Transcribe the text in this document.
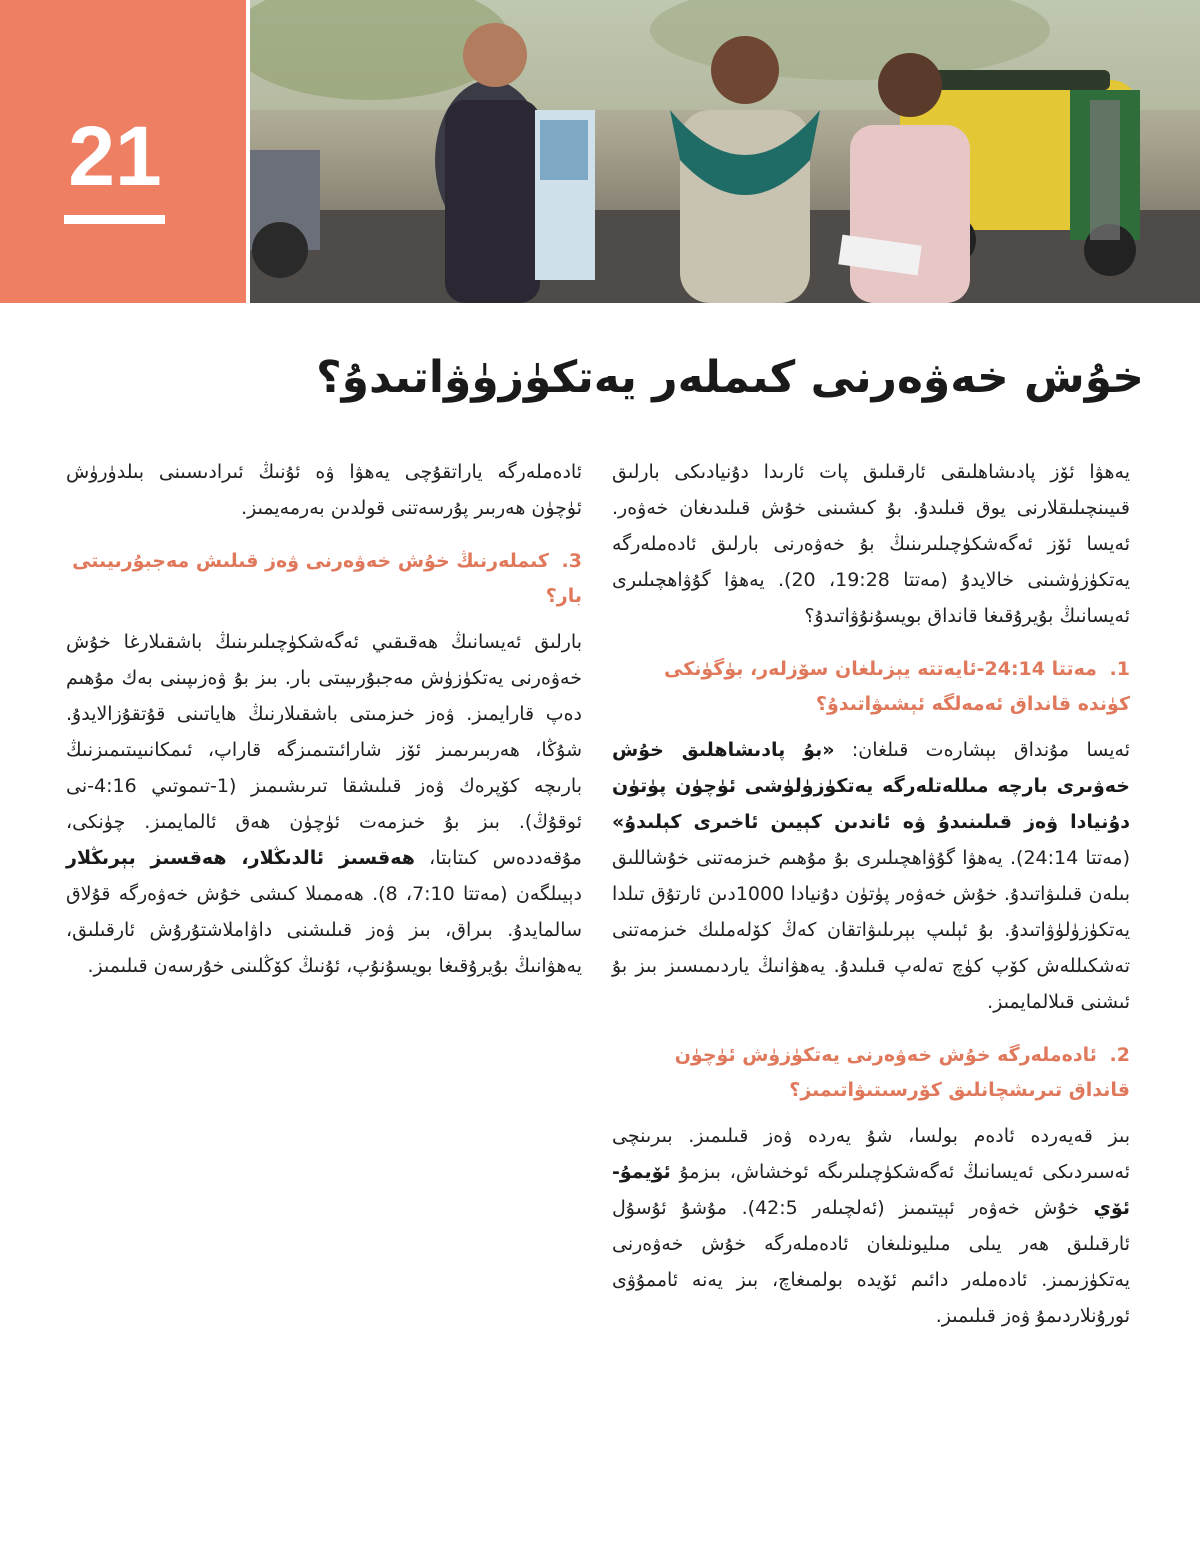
21
خۇش خەۋەرنى كىملەر يەتكۈزۈۋاتىدۇ؟

يەھۋا ئۆز پادىشاھلىقى ئارقىلىق پات ئارىدا دۇنيادىكى بارلىق قىيىنچىلىقلارنى يوق قىلىدۇ. بۇ كىشىنى خۇش قىلىدىغان خەۋەر. ئەيسا ئۆز ئەگەشكۈچىلىرىنىڭ بۇ خەۋەرنى بارلىق ئادەملەرگە يەتكۈزۈشىنى خالايدۇ (مەتتا 19:28، 20). يەھۋا گۇۋاھچىلىرى ئەيسانىڭ بۇيرۇقىغا قانداق بويسۇنۇۋاتىدۇ؟

1. مەتتا 24:14-ئايەتتە يېزىلغان سۆزلەر، بۈگۈنكى كۈندە قانداق ئەمەلگە ئېشىۋاتىدۇ؟

ئەيسا مۇنداق بېشارەت قىلغان: «بۇ پادىشاھلىق خۇش خەۋىرى بارچە مىللەتلەرگە يەتكۈزۈلۈشى ئۈچۈن پۈتۈن دۇنيادا ۋەز قىلىنىدۇ ۋە ئاندىن كېيىن ئاخىرى كېلىدۇ» (مەتتا 24:14). يەھۋا گۇۋاھچىلىرى بۇ مۇھىم خىزمەتنى خۇشاللىق بىلەن قىلىۋاتىدۇ. خۇش خەۋەر پۈتۈن دۇنيادا 1000دىن ئارتۇق تىلدا يەتكۈزۈلۈۋاتىدۇ. بۇ ئېلىپ بېرىلىۋاتقان كەڭ كۆلەملىك خىزمەتنى تەشكىللەش كۆپ كۈچ تەلەپ قىلىدۇ. يەھۋانىڭ ياردىمىسىز بىز بۇ ئىشنى قىلالمايمىز.

2. ئادەملەرگە خۇش خەۋەرنى يەتكۈزۈش ئۈچۈن قانداق تىرىشچانلىق كۆرسىتىۋاتىمىز؟

بىز قەيەردە ئادەم بولسا، شۇ يەردە ۋەز قىلىمىز. بىرىنچى ئەسىردىكى ئەيسانىڭ ئەگەشكۈچىلىرىگە ئوخشاش، بىزمۇ ئۆيمۇ-ئۆي خۇش خەۋەر ئېيتىمىز (ئەلچىلەر 42:5). مۇشۇ ئۇسۇل ئارقىلىق ھەر يىلى مىليونلىغان ئادەملەرگە خۇش خەۋەرنى يەتكۈزىمىز. ئادەملەر دائىم ئۆيدە بولمىغاچ، بىز يەنە ئاممۇۋى ئورۇنلاردىمۇ ۋەز قىلىمىز.

ئادەملەرگە ياراتقۇچى يەھۋا ۋە ئۇنىڭ ئىرادىسىنى بىلدۈرۈش ئۈچۈن ھەربىر پۇرسەتنى قولدىن بەرمەيمىز.

3. كىملەرنىڭ خۇش خەۋەرنى ۋەز قىلىش مەجبۇرىيىتى بار؟

بارلىق ئەيسانىڭ ھەقىقىي ئەگەشكۈچىلىرىنىڭ باشقىلارغا خۇش خەۋەرنى يەتكۈزۈش مەجبۇرىيىتى بار. بىز بۇ ۋەزىپىنى بەك مۇھىم دەپ قارايمىز. ۋەز خىزمىتى باشقىلارنىڭ ھاياتىنى قۇتقۇزالايدۇ. شۇڭا، ھەربىرىمىز ئۆز شارائىتىمىزگە قاراپ، ئىمكانىيىتىمىزنىڭ بارىچە كۆپرەك ۋەز قىلىشقا تىرىشىمىز (1-تىموتىي 4:16-نى ئوقۇڭ). بىز بۇ خىزمەت ئۈچۈن ھەق ئالمايمىز. چۈنكى، مۇقەددەس كىتابتا، ھەقسىز ئالدىڭلار، ھەقسىز بېرىڭلار دېيىلگەن (مەتتا 7:10، 8). ھەممىلا كىشى خۇش خەۋەرگە قۇلاق سالمايدۇ. بىراق، بىز ۋەز قىلىشنى داۋاملاشتۇرۇش ئارقىلىق، يەھۋانىڭ بۇيرۇقىغا بويسۇنۇپ، ئۇنىڭ كۆڭلىنى خۇرسەن قىلىمىز.
